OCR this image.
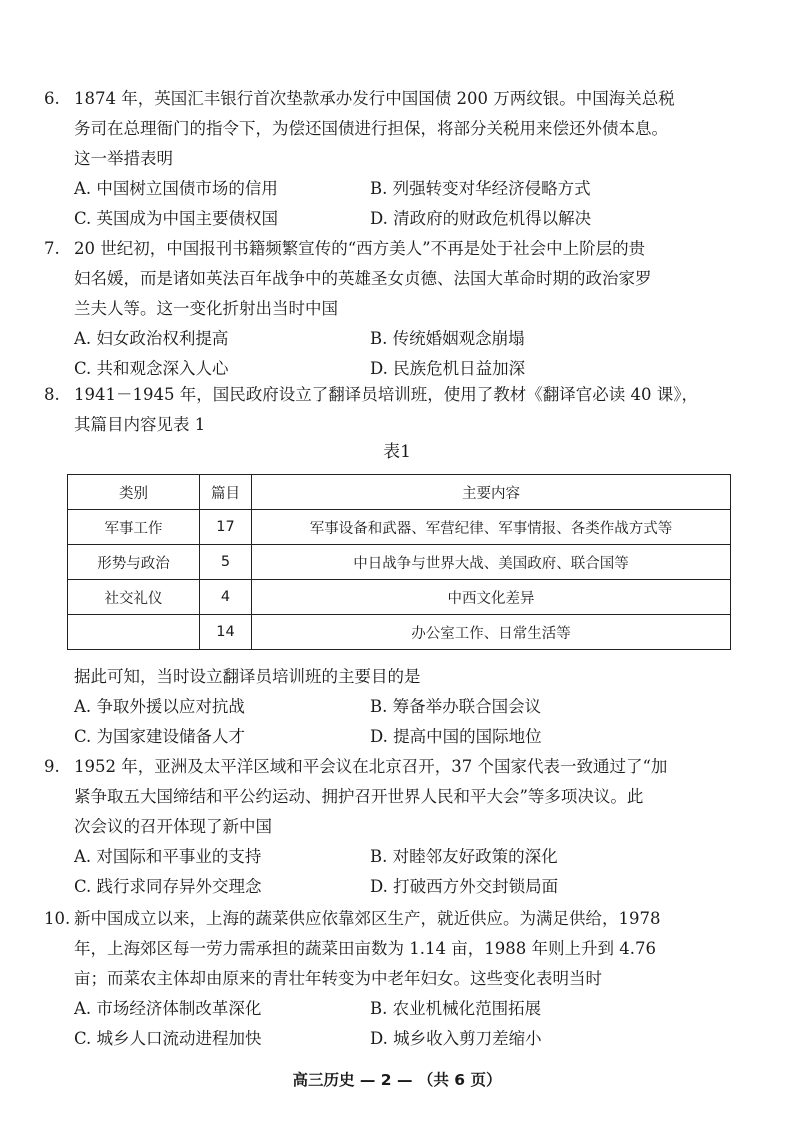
6. 1874 年，英国汇丰银行首次垫款承办发行中国国债 200 万两纹银。中国海关总税

务司在总理衙门的指令下，为偿还国债进行担保，将部分关税用来偿还外债本息。

这一举措表明

A. 中国树立国债市场的信用	B. 列强转变对华经济侵略方式
C. 英国成为中国主要债权国	D. 清政府的财政危机得以解决

7. 20 世纪初，中国报刊书籍频繁宣传的“西方美人”不再是处于社会中上阶层的贵

妇名媛，而是诸如英法百年战争中的英雄圣女贞德、法国大革命时期的政治家罗

兰夫人等。这一变化折射出当时中国

A. 妇女政治权利提高	B. 传统婚姻观念崩塌
C. 共和观念深入人心	D. 民族危机日益加深

8. 1941－1945 年，国民政府设立了翻译员培训班，使用了教材《翻译官必读 40 课》，

其篇目内容见表 1

表1
类别	篇目	主要内容
军事工作	17	军事设备和武器、军营纪律、军事情报、各类作战方式等
形势与政治	5	中日战争与世界大战、美国政府、联合国等
社交礼仪	4	中西文化差异
	14	办公室工作、日常生活等

据此可知，当时设立翻译员培训班的主要目的是

A. 争取外援以应对抗战	B. 筹备举办联合国会议
C. 为国家建设储备人才	D. 提高中国的国际地位

9. 1952 年，亚洲及太平洋区域和平会议在北京召开，37 个国家代表一致通过了“加

紧争取五大国缔结和平公约运动、拥护召开世界人民和平大会”等多项决议。此

次会议的召开体现了新中国

A. 对国际和平事业的支持	B. 对睦邻友好政策的深化
C. 践行求同存异外交理念	D. 打破西方外交封锁局面

10. 新中国成立以来，上海的蔬菜供应依靠郊区生产，就近供应。为满足供给，1978

年，上海郊区每一劳力需承担的蔬菜田亩数为 1.14 亩，1988 年则上升到 4.76

亩；而菜农主体却由原来的青壮年转变为中老年妇女。这些变化表明当时

A. 市场经济体制改革深化	B. 农业机械化范围拓展
C. 城乡人口流动进程加快	D. 城乡收入剪刀差缩小
高三历史 — 2 — （共 6 页）
